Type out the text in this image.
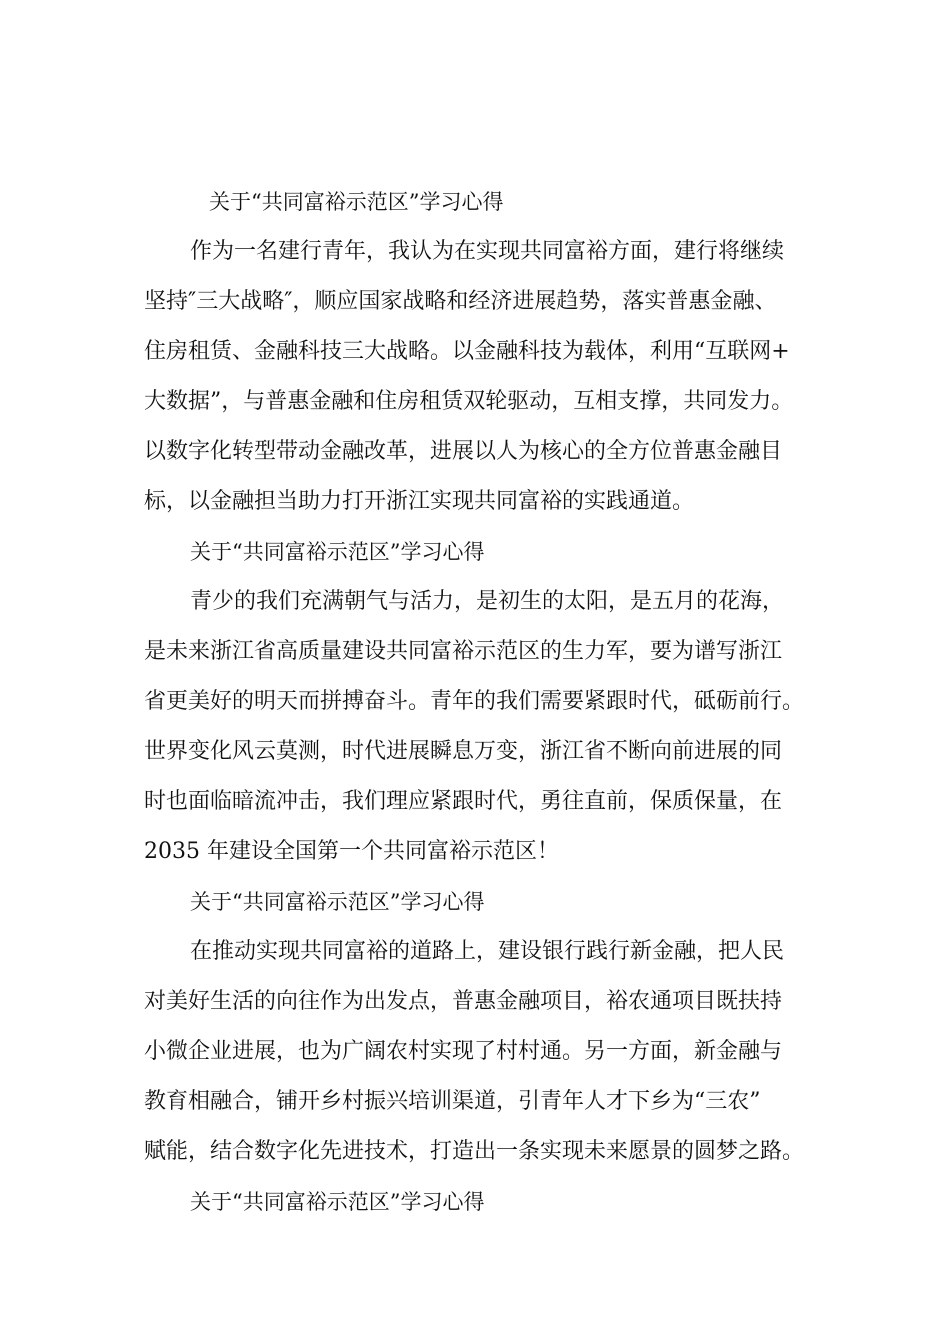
关于“共同富裕示范区”学习心得
作为一名建行青年，我认为在实现共同富裕方面，建行将继续
坚持″三大战略″，顺应国家战略和经济进展趋势，落实普惠金融、
住房租赁、金融科技三大战略。以金融科技为载体，利用“互联网+
大数据”，与普惠金融和住房租赁双轮驱动，互相支撑，共同发力。
以数字化转型带动金融改革，进展以人为核心的全方位普惠金融目
标，以金融担当助力打开浙江实现共同富裕的实践通道。
关于“共同富裕示范区”学习心得
青少的我们充满朝气与活力，是初生的太阳，是五月的花海，
是未来浙江省高质量建设共同富裕示范区的生力军，要为谱写浙江
省更美好的明天而拼搏奋斗。青年的我们需要紧跟时代，砥砺前行。
世界变化风云莫测，时代进展瞬息万变，浙江省不断向前进展的同
时也面临暗流冲击，我们理应紧跟时代，勇往直前，保质保量，在
2035 年建设全国第一个共同富裕示范区！
关于“共同富裕示范区”学习心得
在推动实现共同富裕的道路上，建设银行践行新金融，把人民
对美好生活的向往作为出发点，普惠金融项目，裕农通项目既扶持
小微企业进展，也为广阔农村实现了村村通。另一方面，新金融与
教育相融合，铺开乡村振兴培训渠道，引青年人才下乡为“三农”
赋能，结合数字化先进技术，打造出一条实现未来愿景的圆梦之路。
关于“共同富裕示范区”学习心得
